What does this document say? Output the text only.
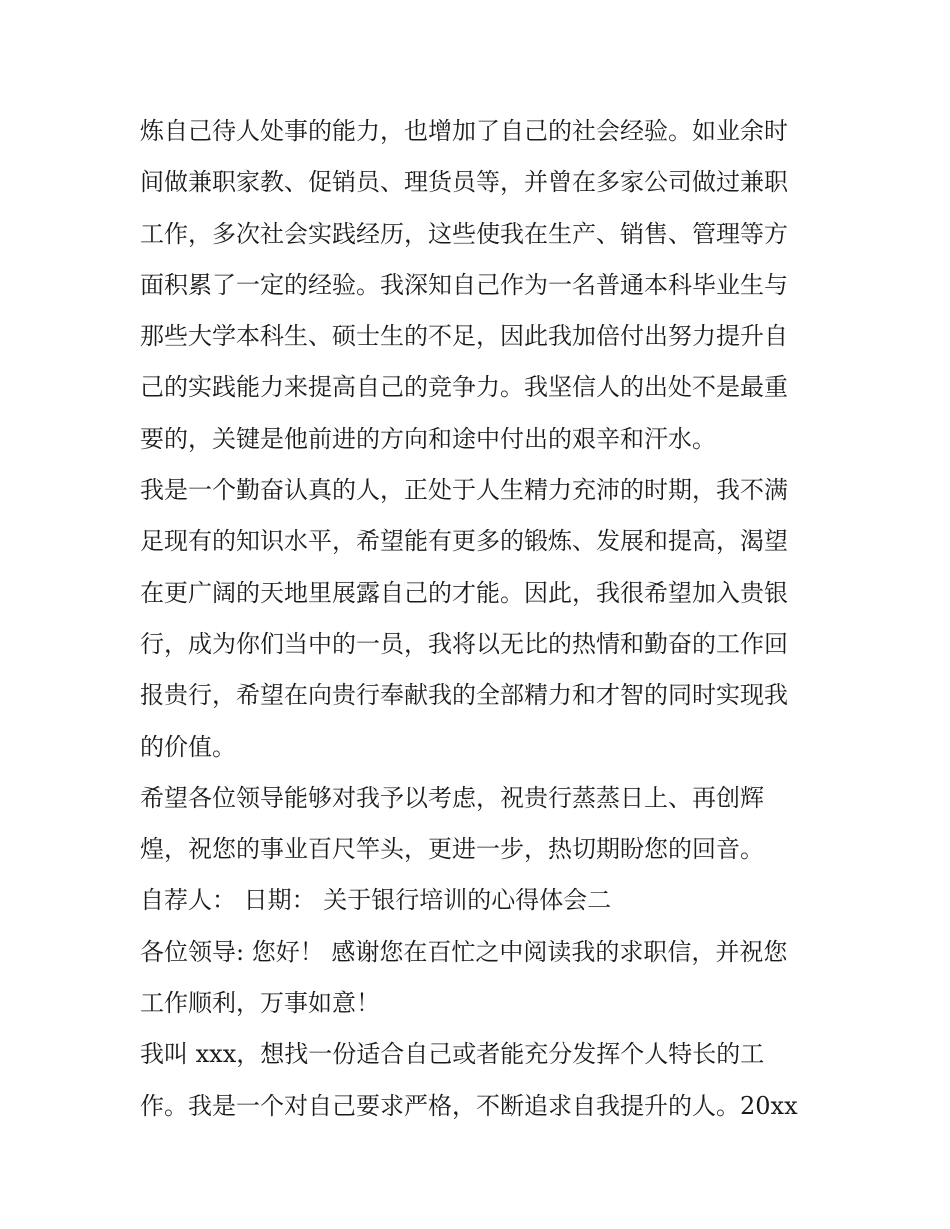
炼自己待人处事的能力，也增加了自己的社会经验。如业余时
间做兼职家教、促销员、理货员等，并曾在多家公司做过兼职
工作，多次社会实践经历，这些使我在生产、销售、管理等方
面积累了一定的经验。我深知自己作为一名普通本科毕业生与
那些大学本科生、硕士生的不足，因此我加倍付出努力提升自
己的实践能力来提高自己的竞争力。我坚信人的出处不是最重
要的，关键是他前进的方向和途中付出的艰辛和汗水。
我是一个勤奋认真的人，正处于人生精力充沛的时期，我不满
足现有的知识水平，希望能有更多的锻炼、发展和提高，渴望
在更广阔的天地里展露自己的才能。因此，我很希望加入贵银
行，成为你们当中的一员，我将以无比的热情和勤奋的工作回
报贵行，希望在向贵行奉献我的全部精力和才智的同时实现我
的价值。
希望各位领导能够对我予以考虑，祝贵行蒸蒸日上、再创辉
煌，祝您的事业百尺竿头，更进一步，热切期盼您的回音。
自荐人： 日期： 关于银行培训的心得体会二
各位领导: 您好！ 感谢您在百忙之中阅读我的求职信，并祝您
工作顺利，万事如意！
我叫 xxx，想找一份适合自己或者能充分发挥个人特长的工
作。我是一个对自己要求严格，不断追求自我提升的人。20xx
